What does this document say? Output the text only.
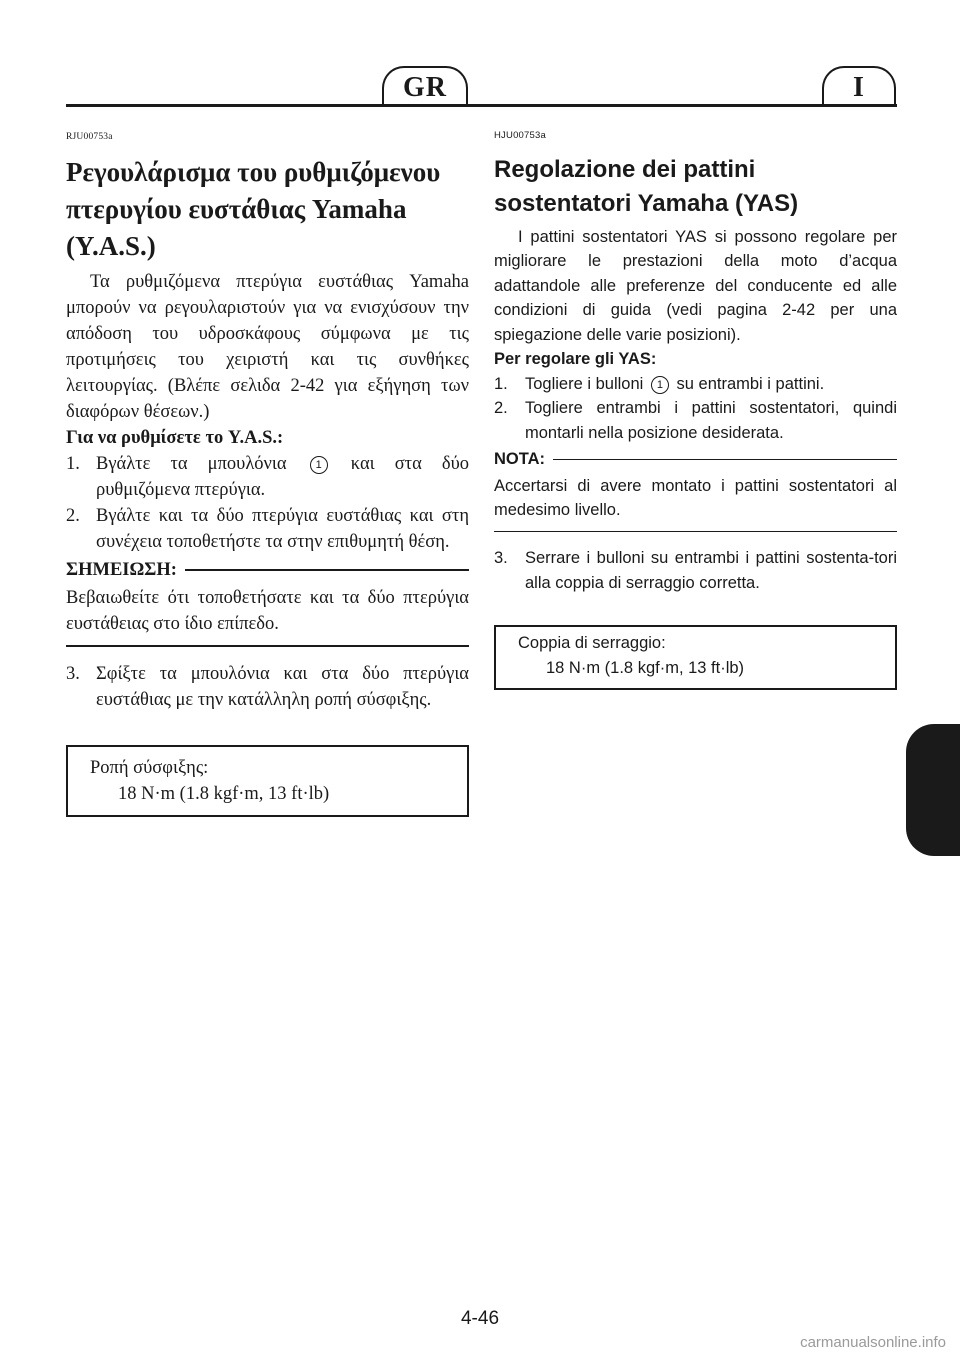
GR	I
RJU00753a
Ρεγουλάρισμα του ρυθμιζόμενου πτερυγίου ευστάθιας Yamaha (Y.A.S.)

Τα ρυθμιζόμενα πτερύγια ευστάθιας Yamaha μπορούν να ρεγουλαριστούν για να ενισχύσουν την απόδοση του υδροσκάφους σύμφωνα με τις προτιμήσεις του χειριστή και τις συνθήκες λειτουργίας. (Βλέπε σελιδα 2-42 για εξήγηση των διαφόρων θέσεων.)

Για να ρυθμίσετε το Y.A.S.:

1. Βγάλτε τα μπουλόνια	1 και στα δύο ρυθμιζόμενα πτερύγια.
2. Βγάλτε και τα δύο πτερύγια ευστάθιας και στη συνέχεια τοποθετήστε τα στην επιθυμητή θέση.
ΣΗΜΕΙΩΣΗ:

Βεβαιωθείτε ότι τοποθετήσατε και τα δύο πτερύγια ευστάθειας στο ίδιο επίπεδο.

3. Σφίξτε τα μπουλόνια και στα δύο πτερύγια ευστάθιας με την κατάλληλη ροπή σύσφιξης.
Ροπή σύσφιξης:
18 N·m (1.8 kgf·m, 13 ft·lb)
HJU00753a
Regolazione dei pattini sostentatori Yamaha (YAS)

I pattini sostentatori YAS si possono regolare per migliorare le prestazioni della moto d’acqua adattandole alle preferenze del conducente ed alle condizioni di guida (vedi pagina 2-42 per una spiegazione delle varie posizioni).

Per regolare gli YAS:

1.	Togliere i bulloni 1 su entrambi i pattini.
2.	Togliere entrambi i pattini sostentatori, quindi montarli nella posizione desiderata.
NOTA:

Accertarsi di avere montato i pattini sostentatori al medesimo livello.

3.	Serrare i bulloni su entrambi i pattini sostenta-tori alla coppia di serraggio corretta.
Coppia di serraggio:
18 N·m (1.8 kgf·m, 13 ft·lb)
4-46
carmanualsonline.info
